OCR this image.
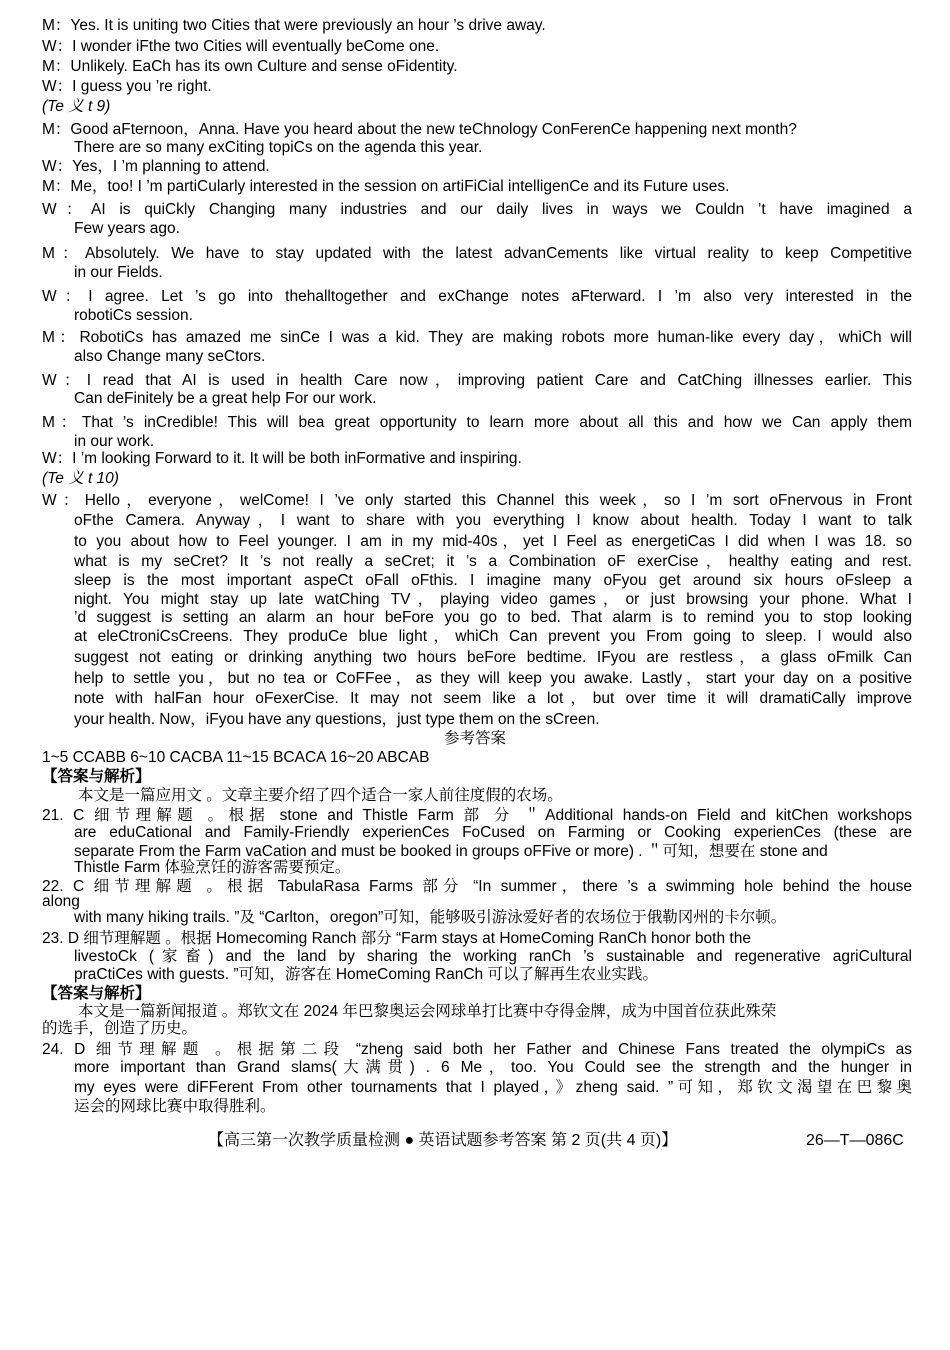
M：Yes. It is uniting two Cities that were previously an hour ’s drive away.
W：I wonder iFthe two Cities will eventually beCome one.
M：Unlikely. EaCh has its own Culture and sense oFidentity.
W：I guess you ’re right.
(Te 义 t 9)
M：Good aFternoon，Anna. Have you heard about the new teChnology ConFerenCe happening next month?
There are so many exCiting topiCs on the agenda this year.
W：Yes，I ’m planning to attend.
M：Me，too! I ’m partiCularly interested in the session on artiFiCial intelligenCe and its Future uses.
W：AI is quiCkly Changing many industries and our daily lives in ways we Couldn ’t have imagined a
Few years ago.
M：Absolutely. We have to stay updated with the latest advanCements like virtual reality to keep Competitive
in our Fields.
W：I agree. Let ’s go into thehalltogether and exChange notes aFterward. I ’m also very interested in the
robotiCs session.
M：RobotiCs has amazed me sinCe I was a kid. They are making robots more human-like every day，whiCh will
also Change many seCtors.
W：I read that AI is used in health Care now，improving patient Care and CatChing illnesses earlier. This
Can deFinitely be a great help For our work.
M：That ’s inCredible! This will bea great opportunity to learn more about all this and how we Can apply them
in our work.
W：I ’m looking Forward to it. It will be both inFormative and inspiring.
(Te 义 t 10)
W：Hello，everyone，welCome! I ’ve only started this Channel this week，so I ’m sort oFnervous in Front
oFthe Camera. Anyway，I want to share with you everything I know about health. Today I want to talk
to you about how to Feel younger. I am in my mid-40s，yet I Feel as energetiCas I did when I was 18. so
what is my seCret? It ’s not really a seCret; it ’s a Combination oF exerCise，healthy eating and rest.
sleep is the most important aspeCt oFall oFthis. I imagine many oFyou get around six hours oFsleep a
night. You might stay up late watChing TV，playing video games，or just browsing your phone. What I
’d suggest is setting an alarm an hour beFore you go to bed. That alarm is to remind you to stop looking
at eleCtroniCsCreens. They produCe blue light，whiCh Can prevent you From going to sleep. I would also
suggest not eating or drinking anything two hours beFore bedtime. IFyou are restless，a glass oFmilk Can
help to settle you，but no tea or CoFFee，as they will keep you awake. Lastly，start your day on a positive
note with halFan hour oFexerCise. It may not seem like a lot，but over time it will dramatiCally improve
your health. Now，iFyou have any questions，just type them on the sCreen.
参考答案
1~5 CCABB 6~10 CACBA 11~15 BCACA 16~20 ABCAB
【答案与解析】
本文是一篇应用文 。文章主要介绍了四个适合一家人前往度假的农场。
21. C 细节理解题 。根据 stone and Thistle Farm 部 分 ＂Additional hands-on Field and kitChen workshops
are eduCational and Family-Friendly experienCes FoCused on Farming or Cooking experienCes (these are
separate From the Farm vaCation and must be booked in groups oFFive or more) . ＂可知，想要在 stone and
Thistle Farm 体验烹饪的游客需要预定。
22. C 细节理解题 。根据 TabulaRasa Farms 部分 “In summer，there ’s a swimming hole behind the house
along
with many hiking trails. ”及 “Carlton，oregon”可知，能够吸引游泳爱好者的农场位于俄勒冈州的卡尔顿。
23. D 细节理解题 。根据 Homecoming Ranch 部分 “Farm stays at HomeComing RanCh honor both the
livestoCk (家畜) and the land by sharing the working ranCh ’s sustainable and regenerative agriCultural
praCtiCes with guests. ”可知，游客在 HomeComing RanCh 可以了解再生农业实践。
【答案与解析】
本文是一篇新闻报道 。郑钦文在 2024 年巴黎奥运会网球单打比赛中夺得金牌，成为中国首位获此殊荣
的选手，创造了历史。
24. D 细节理解题 。根据第二段 “zheng said both her Father and Chinese Fans treated the olympiCs as
more important than Grand slams(大满贯) . 6 Me，too. You Could see the strength and the hunger in
my eyes were diFFerent From other tournaments that I played，》zheng said. ”可知，郑钦文渴望在巴黎奥
运会的网球比赛中取得胜利。
【高三第一次教学质量检测 ● 英语试题参考答案 第 2 页(共 4 页)】	26—T—086C
